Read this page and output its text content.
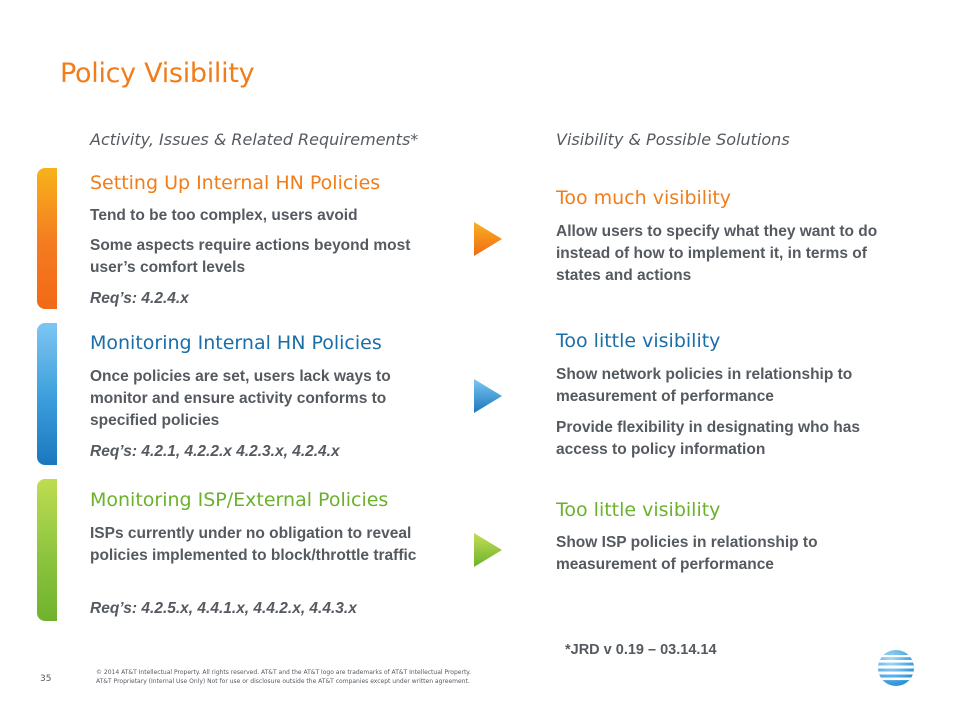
Policy Visibility
Activity, Issues & Related Requirements*	Visibility & Possible Solutions
Setting Up Internal HN Policies
Tend to be too complex, users avoid
Some aspects require actions beyond most user’s comfort levels
Req’s: 4.2.4.x
Too much visibility
Allow users to specify what they want to do instead of how to implement it, in terms of states and actions
Monitoring Internal HN Policies
Once policies are set, users lack ways to monitor and ensure activity conforms to specified policies
Req’s: 4.2.1, 4.2.2.x 4.2.3.x, 4.2.4.x
Too little visibility
Show network policies in relationship to measurement of performance
Provide flexibility in designating who has access to policy information
Monitoring ISP/External Policies
ISPs currently under no obligation to reveal policies implemented to block/throttle traffic
Req’s: 4.2.5.x, 4.4.1.x, 4.4.2.x, 4.4.3.x
Too little visibility
Show ISP policies in relationship to measurement of performance
*JRD v 0.19 – 03.14.14
35
© 2014 AT&T Intellectual Property. All rights reserved. AT&T and the AT&T logo are trademarks of AT&T Intellectual Property.
AT&T Proprietary (Internal Use Only) Not for use or disclosure outside the AT&T companies except under written agreement.
